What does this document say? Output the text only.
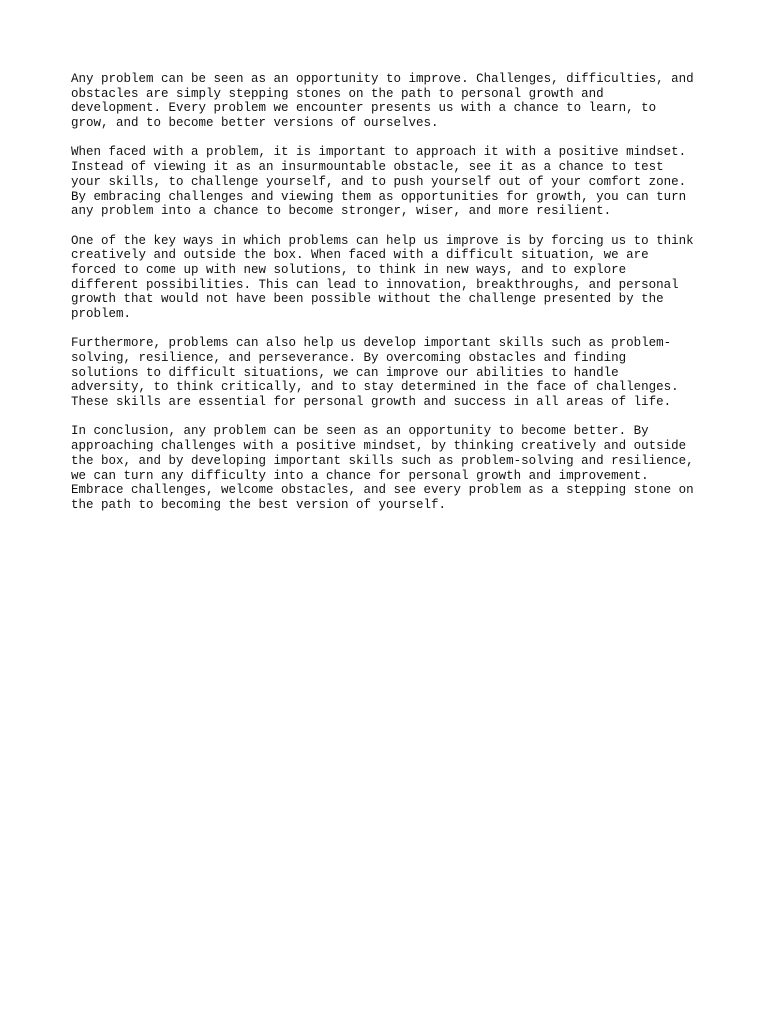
Any problem can be seen as an opportunity to improve. Challenges, difficulties, and
obstacles are simply stepping stones on the path to personal growth and
development. Every problem we encounter presents us with a chance to learn, to
grow, and to become better versions of ourselves.

When faced with a problem, it is important to approach it with a positive mindset.
Instead of viewing it as an insurmountable obstacle, see it as a chance to test
your skills, to challenge yourself, and to push yourself out of your comfort zone.
By embracing challenges and viewing them as opportunities for growth, you can turn
any problem into a chance to become stronger, wiser, and more resilient.

One of the key ways in which problems can help us improve is by forcing us to think
creatively and outside the box. When faced with a difficult situation, we are
forced to come up with new solutions, to think in new ways, and to explore
different possibilities. This can lead to innovation, breakthroughs, and personal
growth that would not have been possible without the challenge presented by the
problem.

Furthermore, problems can also help us develop important skills such as problem-
solving, resilience, and perseverance. By overcoming obstacles and finding
solutions to difficult situations, we can improve our abilities to handle
adversity, to think critically, and to stay determined in the face of challenges.
These skills are essential for personal growth and success in all areas of life.

In conclusion, any problem can be seen as an opportunity to become better. By
approaching challenges with a positive mindset, by thinking creatively and outside
the box, and by developing important skills such as problem-solving and resilience,
we can turn any difficulty into a chance for personal growth and improvement.
Embrace challenges, welcome obstacles, and see every problem as a stepping stone on
the path to becoming the best version of yourself.
